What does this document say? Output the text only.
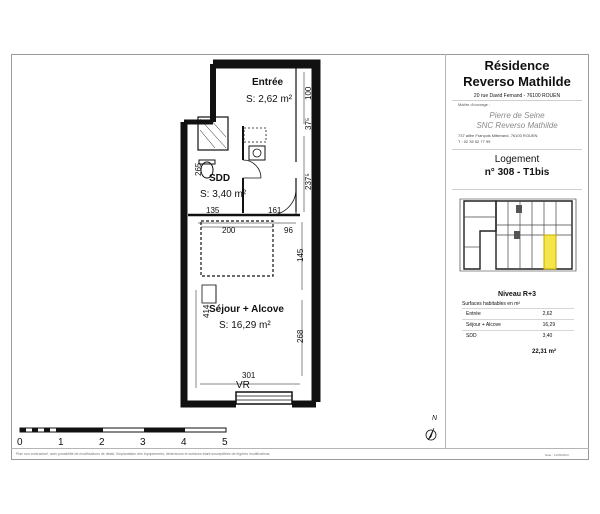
Entrée
S: 2,62 m²
SDD
S: 3,40 m²
Séjour + Alcove
S: 16,29 m²
100
37⁵
237⁵
265
135	161
200	96
145
414
268
301
VR
0	1	2	3	4	5
N
Résidence
Reverso Mathilde
20 rue David Fernand - 76100 ROUEN
Maître d'ouvrage :
Pierre de Seine
SNC Reverso Mathilde
737 allée François Mitterand, 76100 ROUEN
T : 02 35 52 77 99
Logement
n° 308 - T1bis
Niveau R+3
Surfaces habitables en m²
Entrée	2,62
Séjour + Alcove	16,29
SDD	3,40
22,31 m²
Plan non contractuel, avec possibilité de modifications de détail, l'implantation des équipements, dimensions et surfaces étant susceptibles de légères modifications.	Date : 11/05/2023
